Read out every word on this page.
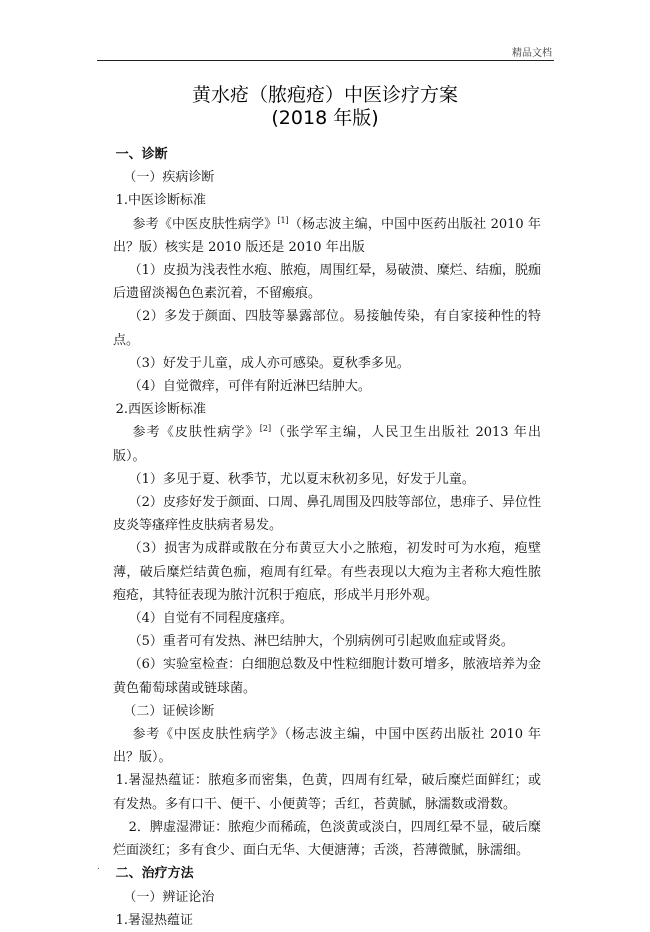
精品文档
黄水疮（脓疱疮）中医诊疗方案
(2018 年版)

一、诊断

（一）疾病诊断

1.中医诊断标准

参考《中医皮肤性病学》[1]（杨志波主编，中国中医药出版社 2010 年出？版）核实是 2010 版还是 2010 年出版

（1）皮损为浅表性水疱、脓疱，周围红晕，易破溃、糜烂、结痂，脱痂后遗留淡褐色色素沉着，不留瘢痕。

（2）多发于颜面、四肢等暴露部位。易接触传染，有自家接种性的特点。

（3）好发于儿童，成人亦可感染。夏秋季多见。

（4）自觉微痒，可伴有附近淋巴结肿大。

2.西医诊断标准

参考《皮肤性病学》[2]（张学军主编，人民卫生出版社 2013 年出版）。

（1）多见于夏、秋季节，尤以夏末秋初多见，好发于儿童。

（2）皮疹好发于颜面、口周、鼻孔周围及四肢等部位，患痱子、异位性皮炎等瘙痒性皮肤病者易发。

（3）损害为成群或散在分布黄豆大小之脓疱，初发时可为水疱，疱壁薄，破后糜烂结黄色痂，疱周有红晕。有些表现以大疱为主者称大疱性脓疱疮，其特征表现为脓汁沉积于疱底，形成半月形外观。

（4）自觉有不同程度瘙痒。

（5）重者可有发热、淋巴结肿大，个别病例可引起败血症或肾炎。

（6）实验室检查：白细胞总数及中性粒细胞计数可增多，脓液培养为金黄色葡萄球菌或链球菌。

（二）证候诊断

参考《中医皮肤性病学》（杨志波主编，中国中医药出版社 2010 年出？版）。

1.暑湿热蕴证：脓疱多而密集，色黄，四周有红晕，破后糜烂面鲜红；或有发热。多有口干、便干、小便黄等；舌红，苔黄腻，脉濡数或滑数。

2．脾虚湿滞证：脓疱少而稀疏，色淡黄或淡白，四周红晕不显，破后糜烂面淡红；多有食少、面白无华、大便溏薄；舌淡，苔薄微腻，脉濡细。

二、治疗方法

（一）辨证论治

1.暑湿热蕴证

.
